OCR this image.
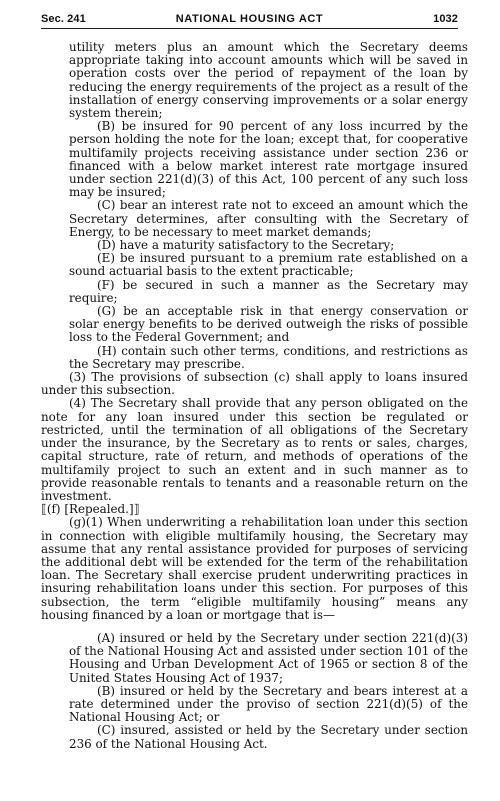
Sec. 241	NATIONAL HOUSING ACT	1032

utility meters plus an amount which the Secretary deems appropriate taking into account amounts which will be saved in operation costs over the period of repayment of the loan by reducing the energy requirements of the project as a result of the installation of energy conserving improvements or a solar energy system therein;

(B) be insured for 90 percent of any loss incurred by the person holding the note for the loan; except that, for cooperative multifamily projects receiving assistance under section 236 or financed with a below market interest rate mortgage insured under section 221(d)(3) of this Act, 100 percent of any such loss may be insured;

(C) bear an interest rate not to exceed an amount which the Secretary determines, after consulting with the Secretary of Energy, to be necessary to meet market demands;

(D) have a maturity satisfactory to the Secretary;

(E) be insured pursuant to a premium rate established on a sound actuarial basis to the extent practicable;

(F) be secured in such a manner as the Secretary may require;

(G) be an acceptable risk in that energy conservation or solar energy benefits to be derived outweigh the risks of possible loss to the Federal Government; and

(H) contain such other terms, conditions, and restrictions as the Secretary may prescribe.

(3) The provisions of subsection (c) shall apply to loans insured under this subsection.

(4) The Secretary shall provide that any person obligated on the note for any loan insured under this section be regulated or restricted, until the termination of all obligations of the Secretary under the insurance, by the Secretary as to rents or sales, charges, capital structure, rate of return, and methods of operations of the multifamily project to such an extent and in such manner as to provide reasonable rentals to tenants and a reasonable return on the investment.

⟦(f) [Repealed.]⟧

(g)(1) When underwriting a rehabilitation loan under this section in connection with eligible multifamily housing, the Secretary may assume that any rental assistance provided for purposes of servicing the additional debt will be extended for the term of the rehabilitation loan. The Secretary shall exercise prudent underwriting practices in insuring rehabilitation loans under this section. For purposes of this subsection, the term “eligible multifamily housing” means any housing financed by a loan or mortgage that is—

(A) insured or held by the Secretary under section 221(d)(3) of the National Housing Act and assisted under section 101 of the Housing and Urban Development Act of 1965 or section 8 of the United States Housing Act of 1937;

(B) insured or held by the Secretary and bears interest at a rate determined under the proviso of section 221(d)(5) of the National Housing Act; or

(C) insured, assisted or held by the Secretary under section 236 of the National Housing Act.
